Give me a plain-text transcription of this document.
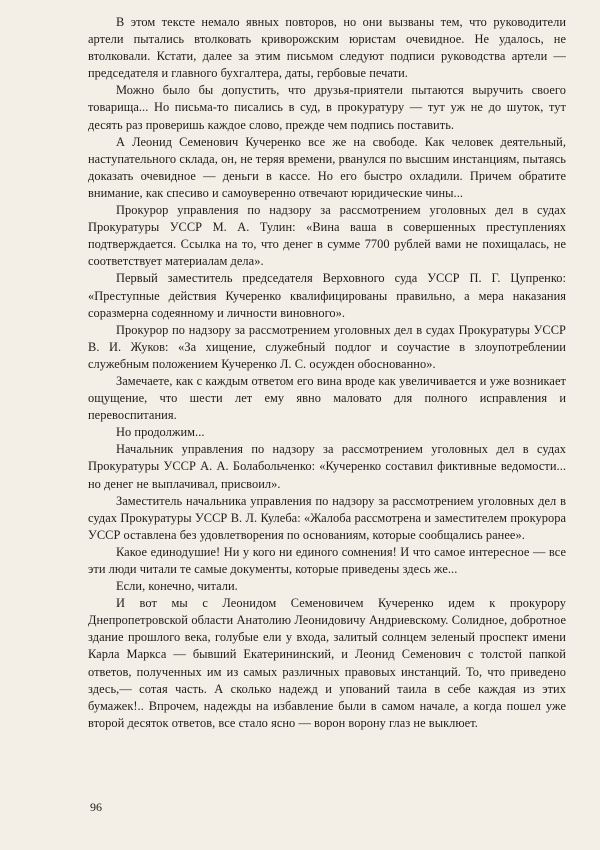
В этом тексте немало явных повторов, но они вызваны тем, что руководители артели пытались втолковать криворожским юристам очевидное. Не удалось, не втолковали. Кстати, далее за этим письмом следуют подписи руководства артели — председателя и главного бухгалтера, даты, гербовые печати.

Можно было бы допустить, что друзья-приятели пытаются выручить своего товарища... Но письма-то писались в суд, в прокуратуру — тут уж не до шуток, тут десять раз проверишь каждое слово, прежде чем подпись поставить.

А Леонид Семенович Кучеренко все же на свободе. Как человек деятельный, наступательного склада, он, не теряя времени, рванулся по высшим инстанциям, пытаясь доказать очевидное — деньги в кассе. Но его быстро охладили. Причем обратите внимание, как спесиво и самоуверенно отвечают юридические чины...

Прокурор управления по надзору за рассмотрением уголовных дел в судах Прокуратуры УССР М. А. Тулин: «Вина ваша в совершенных преступлениях подтверждается. Ссылка на то, что денег в сумме 7700 рублей вами не похищалась, не соответствует материалам дела».

Первый заместитель председателя Верховного суда УССР П. Г. Цупренко: «Преступные действия Кучеренко квалифицированы правильно, а мера наказания соразмерна содеянному и личности виновного».

Прокурор по надзору за рассмотрением уголовных дел в судах Прокуратуры УССР В. И. Жуков: «За хищение, служебный подлог и соучастие в злоупотреблении служебным положением Кучеренко Л. С. осужден обоснованно».

Замечаете, как с каждым ответом его вина вроде как увеличивается и уже возникает ощущение, что шести лет ему явно маловато для полного исправления и перевоспитания.

Но продолжим...

Начальник управления по надзору за рассмотрением уголовных дел в судах Прокуратуры УССР А. А. Болабольченко: «Кучеренко составил фиктивные ведомости... но денег не выплачивал, присвоил».

Заместитель начальника управления по надзору за рассмотрением уголовных дел в судах Прокуратуры УССР В. Л. Кулеба: «Жалоба рассмотрена и заместителем прокурора УССР оставлена без удовлетворения по основаниям, которые сообщались ранее».

Какое единодушие! Ни у кого ни единого сомнения! И что самое интересное — все эти люди читали те самые документы, которые приведены здесь же...

Если, конечно, читали.

И вот мы с Леонидом Семеновичем Кучеренко идем к прокурору Днепропетровской области Анатолию Леонидовичу Андриевскому. Солидное, добротное здание прошлого века, голубые ели у входа, залитый солнцем зеленый проспект имени Карла Маркса — бывший Екатерининский, и Леонид Семенович с толстой папкой ответов, полученных им из самых различных правовых инстанций. То, что приведено здесь,— сотая часть. А сколько надежд и упований таила в себе каждая из этих бумажек!.. Впрочем, надежды на избавление были в самом начале, а когда пошел уже второй десяток ответов, все стало ясно — ворон ворону глаз не выклюет.

96
